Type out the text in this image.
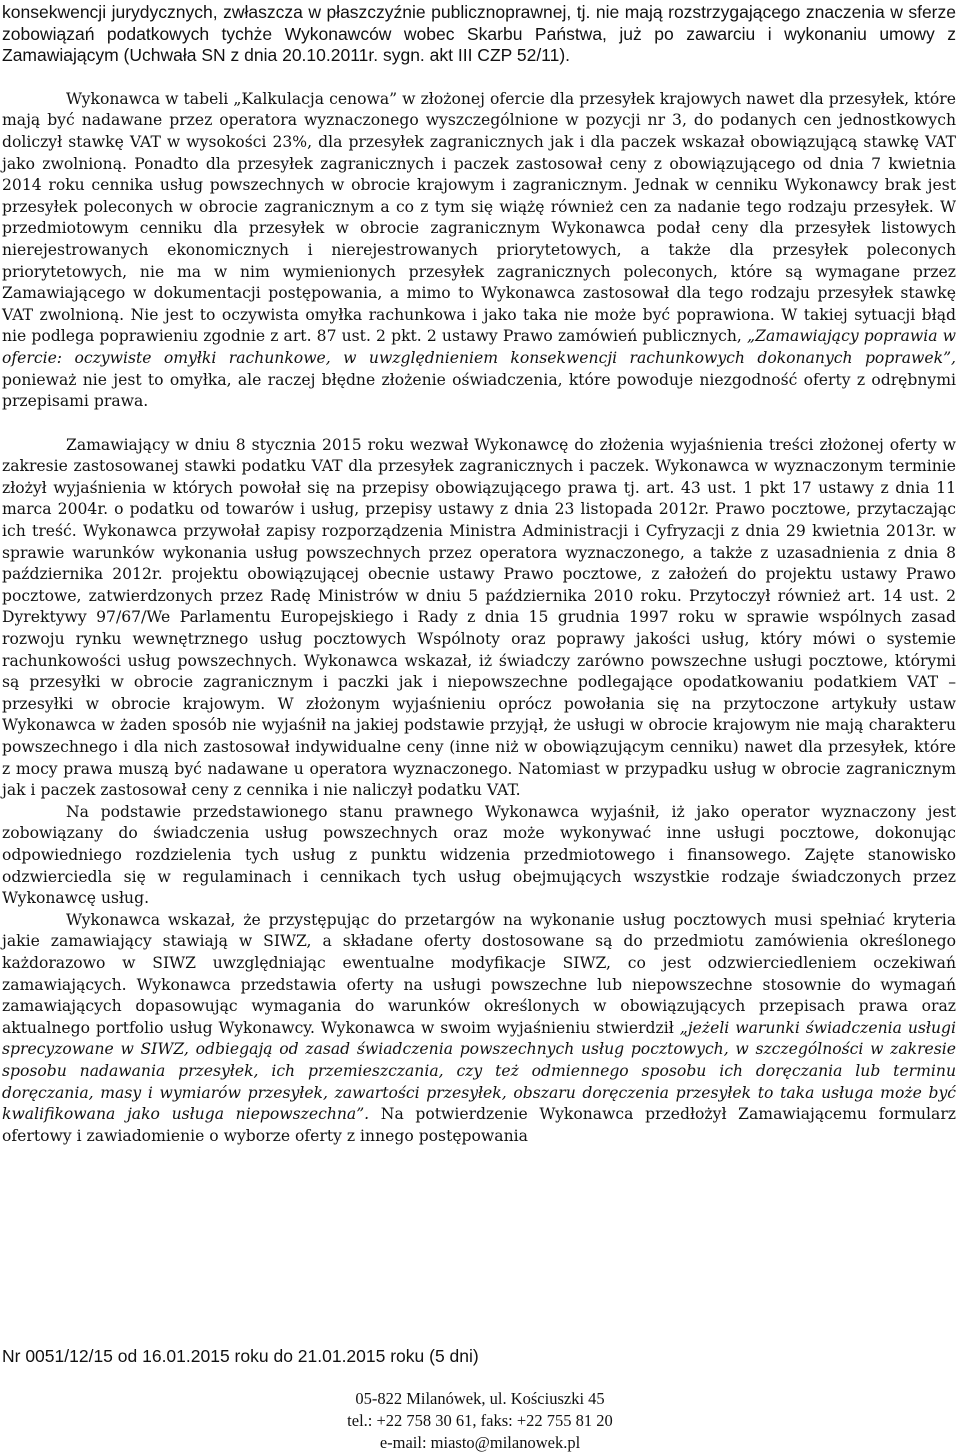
konsekwencji jurydycznych, zwłaszcza w płaszczyźnie publicznoprawnej, tj. nie mają rozstrzygającego znaczenia w sferze zobowiązań podatkowych tychże Wykonawców wobec Skarbu Państwa, już po zawarciu i wykonaniu umowy z Zamawiającym (Uchwała SN z dnia 20.10.2011r. sygn. akt III CZP 52/11).

Wykonawca w tabeli „Kalkulacja cenowa” w złożonej ofercie dla przesyłek krajowych nawet dla przesyłek, które mają być nadawane przez operatora wyznaczonego wyszczególnione w pozycji nr 3, do podanych cen jednostkowych doliczył stawkę VAT w wysokości 23%, dla przesyłek zagranicznych jak i dla paczek wskazał obowiązującą stawkę VAT jako zwolnioną. Ponadto dla przesyłek zagranicznych i paczek zastosował ceny z obowiązującego od dnia 7 kwietnia 2014 roku cennika usług powszechnych w obrocie krajowym i zagranicznym. Jednak w cenniku Wykonawcy brak jest przesyłek poleconych w obrocie zagranicznym a co z tym się wiążę również cen za nadanie tego rodzaju przesyłek. W przedmiotowym cenniku dla przesyłek w obrocie zagranicznym Wykonawca podał ceny dla przesyłek listowych nierejestrowanych ekonomicznych i nierejestrowanych priorytetowych, a także dla przesyłek poleconych priorytetowych, nie ma w nim wymienionych przesyłek zagranicznych poleconych, które są wymagane przez Zamawiającego w dokumentacji postępowania, a mimo to Wykonawca zastosował dla tego rodzaju przesyłek stawkę VAT zwolnioną. Nie jest to oczywista omyłka rachunkowa i jako taka nie może być poprawiona. W takiej sytuacji błąd nie podlega poprawieniu zgodnie z art. 87 ust. 2 pkt. 2 ustawy Prawo zamówień publicznych, „Zamawiający poprawia w ofercie: oczywiste omyłki rachunkowe, w uwzględnieniem konsekwencji rachunkowych dokonanych poprawek”, ponieważ nie jest to omyłka, ale raczej błędne złożenie oświadczenia, które powoduje niezgodność oferty z odrębnymi przepisami prawa.

Zamawiający w dniu 8 stycznia 2015 roku wezwał Wykonawcę do złożenia wyjaśnienia treści złożonej oferty w zakresie zastosowanej stawki podatku VAT dla przesyłek zagranicznych i paczek. Wykonawca w wyznaczonym terminie złożył wyjaśnienia w których powołał się na przepisy obowiązującego prawa tj. art. 43 ust. 1 pkt 17 ustawy z dnia 11 marca 2004r. o podatku od towarów i usług, przepisy ustawy z dnia 23 listopada 2012r. Prawo pocztowe, przytaczając ich treść. Wykonawca przywołał zapisy rozporządzenia Ministra Administracji i Cyfryzacji z dnia 29 kwietnia 2013r. w sprawie warunków wykonania usług powszechnych przez operatora wyznaczonego, a także z uzasadnienia z dnia 8 października 2012r. projektu obowiązującej obecnie ustawy Prawo pocztowe, z założeń do projektu ustawy Prawo pocztowe, zatwierdzonych przez Radę Ministrów w dniu 5 października 2010 roku. Przytoczył również art. 14 ust. 2 Dyrektywy 97/67/We Parlamentu Europejskiego i Rady z dnia 15 grudnia 1997 roku w sprawie wspólnych zasad rozwoju rynku wewnętrznego usług pocztowych Wspólnoty oraz poprawy jakości usług, który mówi o systemie rachunkowości usług powszechnych. Wykonawca wskazał, iż świadczy zarówno powszechne usługi pocztowe, którymi są przesyłki w obrocie zagranicznym i paczki jak i niepowszechne podlegające opodatkowaniu podatkiem VAT – przesyłki w obrocie krajowym. W złożonym wyjaśnieniu oprócz powołania się na przytoczone artykuły ustaw Wykonawca w żaden sposób nie wyjaśnił na jakiej podstawie przyjął, że usługi w obrocie krajowym nie mają charakteru powszechnego i dla nich zastosował indywidualne ceny (inne niż w obowiązującym cenniku) nawet dla przesyłek, które z mocy prawa muszą być nadawane u operatora wyznaczonego. Natomiast w przypadku usług w obrocie zagranicznym jak i paczek zastosował ceny z cennika i nie naliczył podatku VAT.

Na podstawie przedstawionego stanu prawnego Wykonawca wyjaśnił, iż jako operator wyznaczony jest zobowiązany do świadczenia usług powszechnych oraz może wykonywać inne usługi pocztowe, dokonując odpowiedniego rozdzielenia tych usług z punktu widzenia przedmiotowego i finansowego. Zajęte stanowisko odzwierciedla się w regulaminach i cennikach tych usług obejmujących wszystkie rodzaje świadczonych przez Wykonawcę usług.

Wykonawca wskazał, że przystępując do przetargów na wykonanie usług pocztowych musi spełniać kryteria jakie zamawiający stawiają w SIWZ, a składane oferty dostosowane są do przedmiotu zamówienia określonego każdorazowo w SIWZ uwzględniając ewentualne modyfikacje SIWZ, co jest odzwierciedleniem oczekiwań zamawiających. Wykonawca przedstawia oferty na usługi powszechne lub niepowszechne stosownie do wymagań zamawiających dopasowując wymagania do warunków określonych w obowiązujących przepisach prawa oraz aktualnego portfolio usług Wykonawcy. Wykonawca w swoim wyjaśnieniu stwierdził „jeżeli warunki świadczenia usługi sprecyzowane w SIWZ, odbiegają od zasad świadczenia powszechnych usług pocztowych, w szczególności w zakresie sposobu nadawania przesyłek, ich przemieszczania, czy też odmiennego sposobu ich doręczania lub terminu doręczania, masy i wymiarów przesyłek, zawartości przesyłek, obszaru doręczenia przesyłek to taka usługa może być kwalifikowana jako usługa niepowszechna”. Na potwierdzenie Wykonawca przedłożył Zamawiającemu formularz ofertowy i zawiadomienie o wyborze oferty z innego postępowania

Nr 0051/12/15 od 16.01.2015 roku do 21.01.2015 roku (5 dni)
05-822 Milanówek, ul. Kościuszki 45
tel.: +22 758 30 61, faks: +22 755 81 20
e-mail: miasto@milanowek.pl
